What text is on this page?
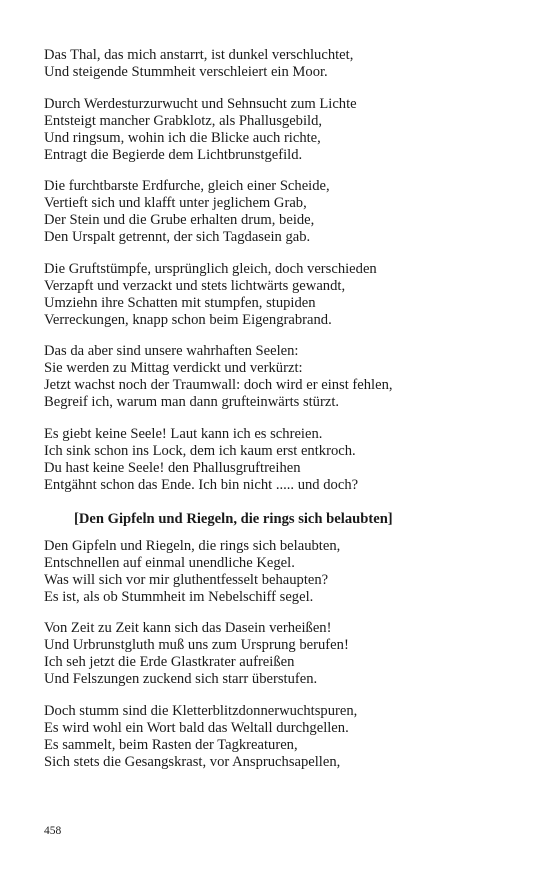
Das Thal, das mich anstarrt, ist dunkel verschluchtet,
Und steigende Stummheit verschleiert ein Moor.
Durch Werdesturzurwucht und Sehnsucht zum Lichte
Entsteigt mancher Grabklotz, als Phallusgebild,
Und ringsum, wohin ich die Blicke auch richte,
Entragt die Begierde dem Lichtbrunstgefild.
Die furchtbarste Erdfurche, gleich einer Scheide,
Vertieft sich und klafft unter jeglichem Grab,
Der Stein und die Grube erhalten drum, beide,
Den Urspalt getrennt, der sich Tagdasein gab.
Die Gruftstümpfe, ursprünglich gleich, doch verschieden
Verzapft und verzackt und stets lichtwärts gewandt,
Umziehn ihre Schatten mit stumpfen, stupiden
Verreckungen, knapp schon beim Eigengrabrand.
Das da aber sind unsere wahrhaften Seelen:
Sie werden zu Mittag verdickt und verkürzt:
Jetzt wachst noch der Traumwall: doch wird er einst fehlen,
Begreif ich, warum man dann grufteinwärts stürzt.
Es giebt keine Seele! Laut kann ich es schreien.
Ich sink schon ins Lock, dem ich kaum erst entkroch.
Du hast keine Seele! den Phallusgruftreihen
Entgähnt schon das Ende. Ich bin nicht ..... und doch?
[Den Gipfeln und Riegeln, die rings sich belaubten]
Den Gipfeln und Riegeln, die rings sich belaubten,
Entschnellen auf einmal unendliche Kegel.
Was will sich vor mir gluthentfesselt behaupten?
Es ist, als ob Stummheit im Nebelschiff segel.
Von Zeit zu Zeit kann sich das Dasein verheißen!
Und Urbrunstgluth muß uns zum Ursprung berufen!
Ich seh jetzt die Erde Glastkrater aufreißen
Und Felszungen zuckend sich starr überstufen.
Doch stumm sind die Kletterblitzdonnerwuchtspuren,
Es wird wohl ein Wort bald das Weltall durchgellen.
Es sammelt, beim Rasten der Tagkreaturen,
Sich stets die Gesangskrast, vor Anspruchsapellen,
458
